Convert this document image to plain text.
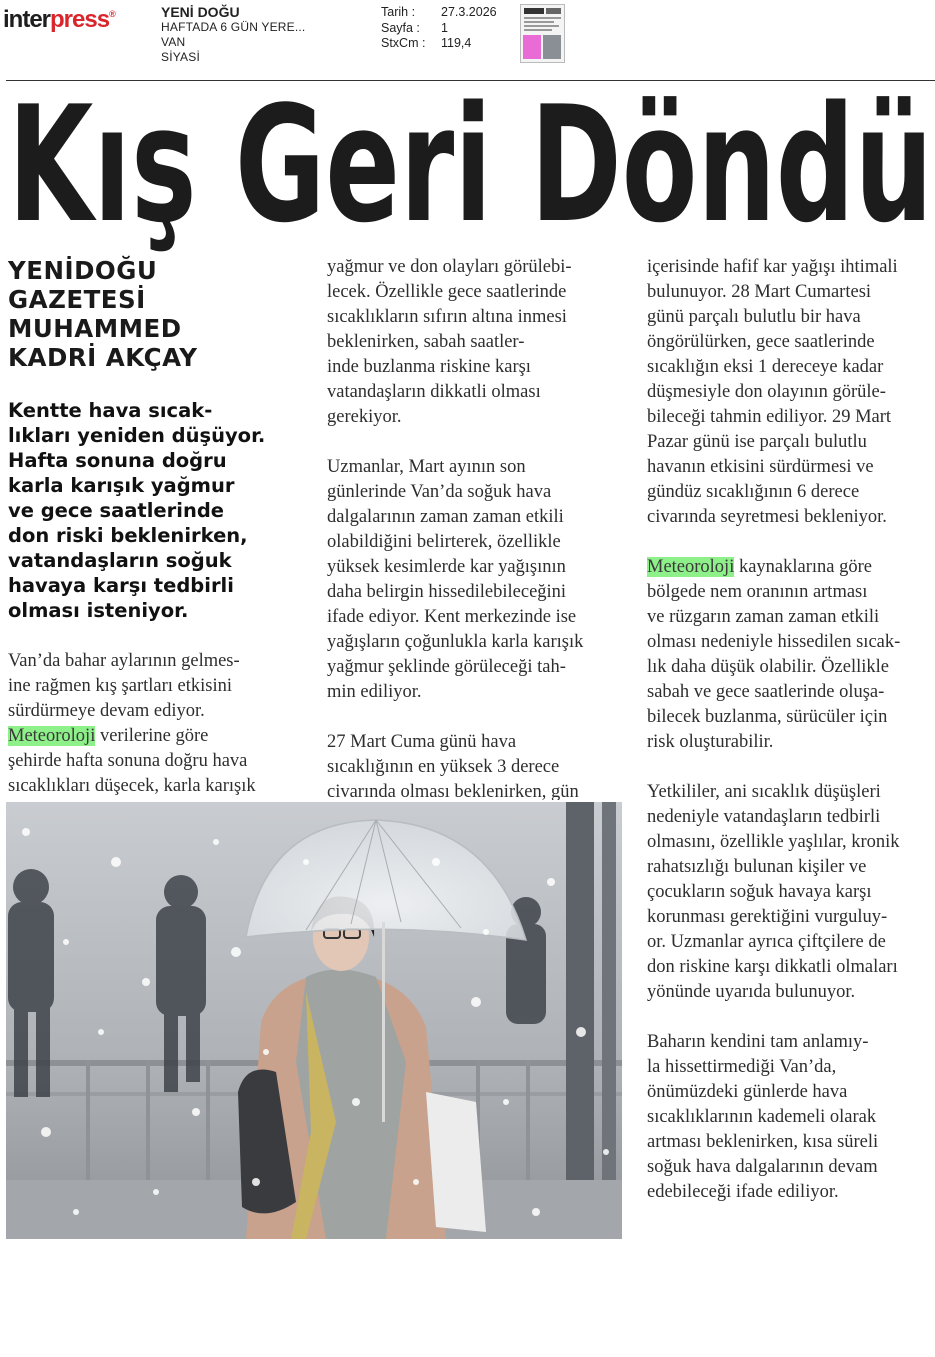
interpress®	YENİ DOĞU
HAFTADA 6 GÜN YERE...
VAN
SİYASİ
Tarih :	27.3.2026
Sayfa :	1
StxCm :	119,4
Kış Geri Döndü
YENİDOĞU
GAZETESİ
MUHAMMED
KADRİ AKÇAY
Kentte hava sıcak-
lıkları yeniden düşüyor.
Hafta sonuna doğru
karla karışık yağmur
ve gece saatlerinde
don riski beklenirken,
vatandaşların soğuk
havaya karşı tedbirli
olması isteniyor.
Van’da bahar aylarının gelmes-
ine rağmen kış şartları etkisini
sürdürmeye devam ediyor.
Meteoroloji verilerine göre
şehirde hafta sonuna doğru hava
sıcaklıkları düşecek, karla karışık
yağmur ve don olayları görülebi-
lecek. Özellikle gece saatlerinde
sıcaklıkların sıfırın altına inmesi
beklenirken, sabah saatler-
inde buzlanma riskine karşı
vatandaşların dikkatli olması
gerekiyor.
Uzmanlar, Mart ayının son
günlerinde Van’da soğuk hava
dalgalarının zaman zaman etkili
olabildiğini belirterek, özellikle
yüksek kesimlerde kar yağışının
daha belirgin hissedilebileceğini
ifade ediyor. Kent merkezinde ise
yağışların çoğunlukla karla karışık
yağmur şeklinde görüleceği tah-
min ediliyor.
27 Mart Cuma günü hava
sıcaklığının en yüksek 3 derece
civarında olması beklenirken, gün
içerisinde hafif kar yağışı ihtimali
bulunuyor. 28 Mart Cumartesi
günü parçalı bulutlu bir hava
öngörülürken, gece saatlerinde
sıcaklığın eksi 1 dereceye kadar
düşmesiyle don olayının görüle-
bileceği tahmin ediliyor. 29 Mart
Pazar günü ise parçalı bulutlu
havanın etkisini sürdürmesi ve
gündüz sıcaklığının 6 derece
civarında seyretmesi bekleniyor.
Meteoroloji kaynaklarına göre
bölgede nem oranının artması
ve rüzgarın zaman zaman etkili
olması nedeniyle hissedilen sıcak-
lık daha düşük olabilir. Özellikle
sabah ve gece saatlerinde oluşa-
bilecek buzlanma, sürücüler için
risk oluşturabilir.
Yetkililer, ani sıcaklık düşüşleri
nedeniyle vatandaşların tedbirli
olmasını, özellikle yaşlılar, kronik
rahatsızlığı bulunan kişiler ve
çocukların soğuk havaya karşı
korunması gerektiğini vurguluy-
or. Uzmanlar ayrıca çiftçilere de
don riskine karşı dikkatli olmaları
yönünde uyarıda bulunuyor.
Baharın kendini tam anlamıy-
la hissettirmediği Van’da,
önümüzdeki günlerde hava
sıcaklıklarının kademeli olarak
artması beklenirken, kısa süreli
soğuk hava dalgalarının devam
edebileceği ifade ediliyor.
